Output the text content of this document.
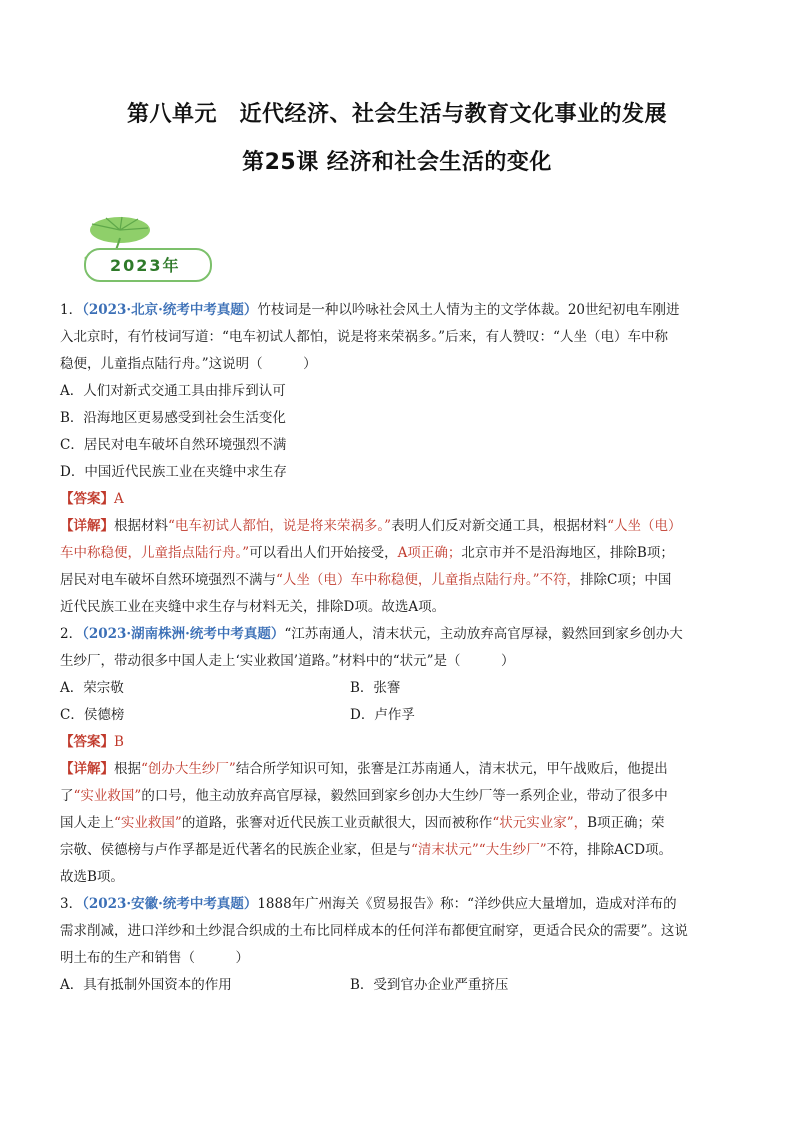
第八单元　近代经济、社会生活与教育文化事业的发展
第25课 经济和社会生活的变化
2023年
1．（2023·北京·统考中考真题）竹枝词是一种以吟咏社会风土人情为主的文学体裁。20世纪初电车刚进
入北京时，有竹枝词写道：“电车初试人都怕，说是将来荣祸多。”后来，有人赞叹：“人坐（电）车中称
稳便，儿童指点陆行舟。”这说明（　　　）
A．人们对新式交通工具由排斥到认可
B．沿海地区更易感受到社会生活变化
C．居民对电车破坏自然环境强烈不满
D．中国近代民族工业在夹缝中求生存
【答案】A
【详解】根据材料“电车初试人都怕，说是将来荣祸多。”表明人们反对新交通工具，根据材料“人坐（电）
车中称稳便，儿童指点陆行舟。”可以看出人们开始接受，A项正确；北京市并不是沿海地区，排除B项；
居民对电车破坏自然环境强烈不满与“人坐（电）车中称稳便，儿童指点陆行舟。”不符，排除C项；中国
近代民族工业在夹缝中求生存与材料无关，排除D项。故选A项。
2．（2023·湖南株洲·统考中考真题）“江苏南通人，清末状元，主动放弃高官厚禄，毅然回到家乡创办大
生纱厂，带动很多中国人走上‘实业救国’道路。”材料中的“状元”是（　　　）
A．荣宗敬	B．张謇
C．侯德榜	D．卢作孚
【答案】B
【详解】根据“创办大生纱厂”结合所学知识可知，张謇是江苏南通人，清末状元，甲午战败后，他提出
了“实业救国”的口号，他主动放弃高官厚禄，毅然回到家乡创办大生纱厂等一系列企业，带动了很多中
国人走上“实业救国”的道路，张謇对近代民族工业贡献很大，因而被称作“状元实业家”，B项正确；荣
宗敬、侯德榜与卢作孚都是近代著名的民族企业家，但是与“清末状元”“大生纱厂”不符，排除ACD项。
故选B项。
3．（2023·安徽·统考中考真题）1888年广州海关《贸易报告》称：“洋纱供应大量增加，造成对洋布的
需求削减，进口洋纱和土纱混合织成的土布比同样成本的任何洋布都便宜耐穿，更适合民众的需要”。这说
明土布的生产和销售（　　　）
A．具有抵制外国资本的作用	B．受到官办企业严重挤压
